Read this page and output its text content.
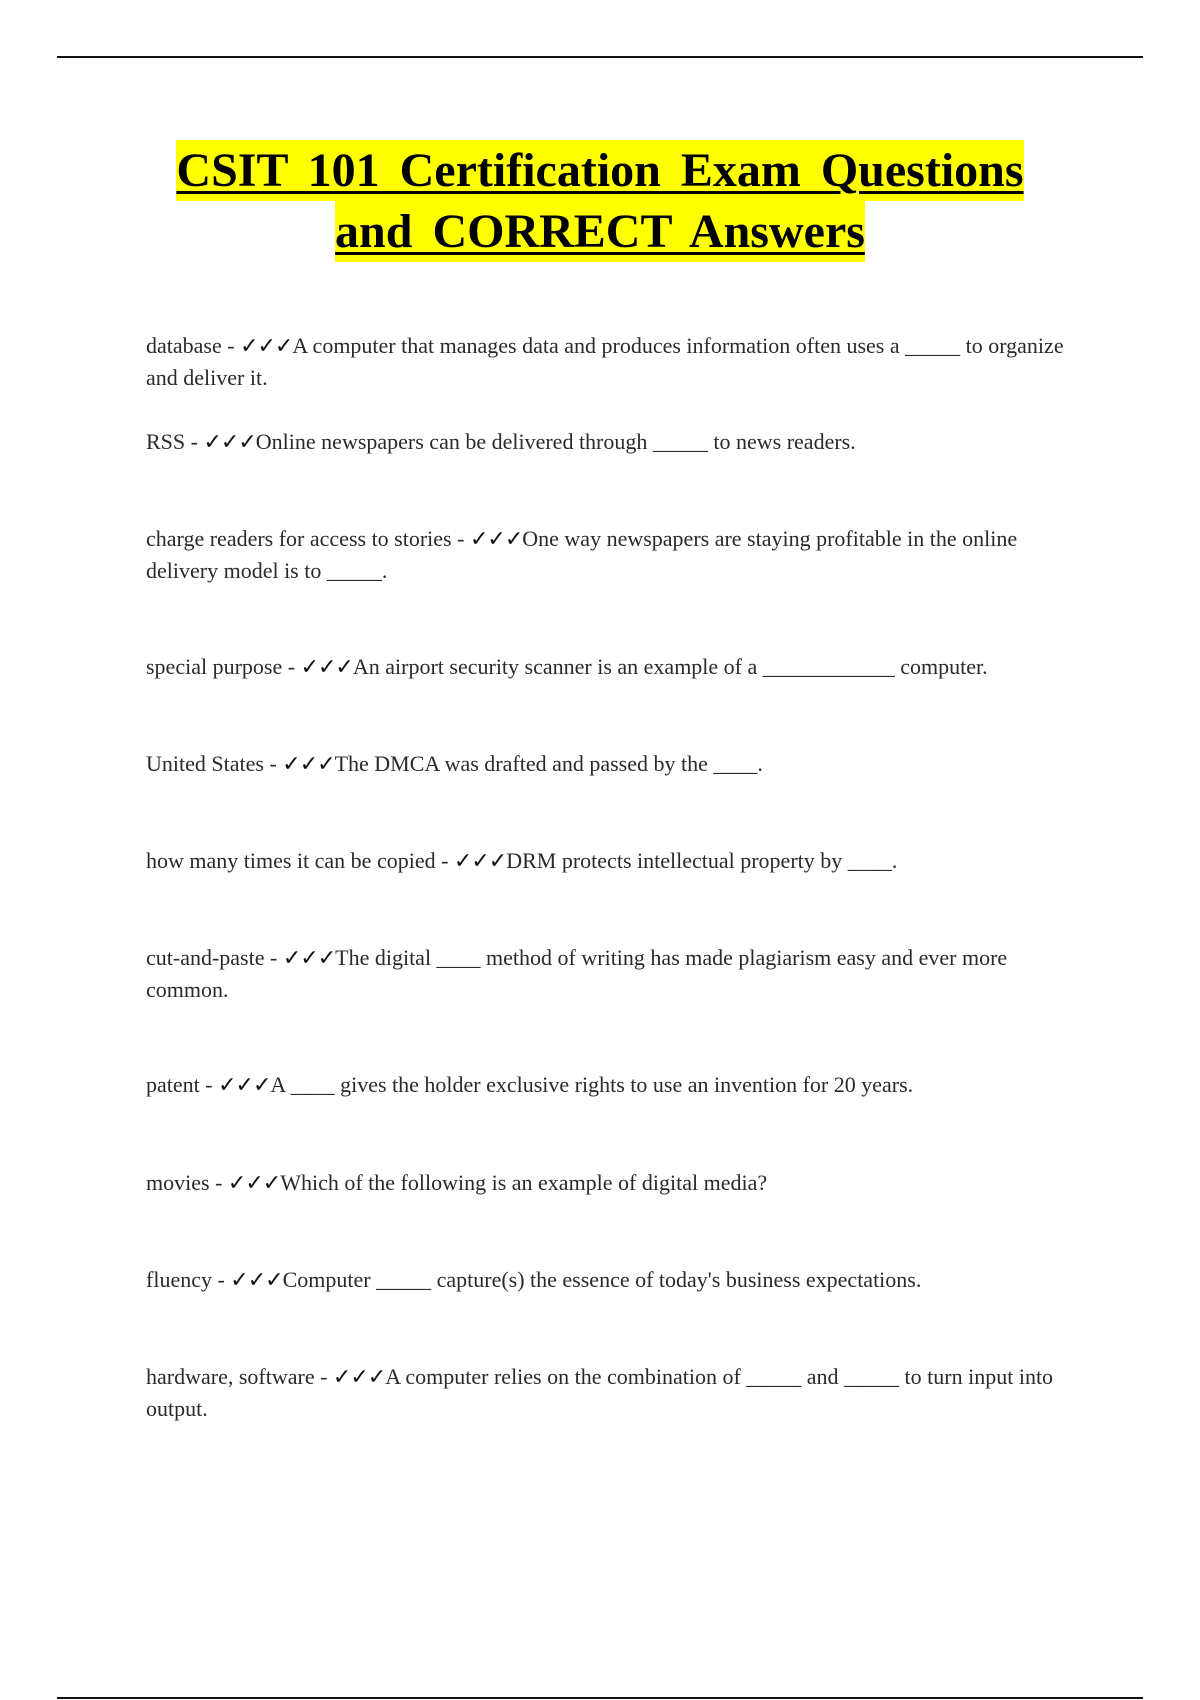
CSIT 101 Certification Exam Questions
and CORRECT Answers
database - ✓✓✓A computer that manages data and produces information often uses a _____ to organize and deliver it.
RSS - ✓✓✓Online newspapers can be delivered through _____ to news readers.
charge readers for access to stories - ✓✓✓One way newspapers are staying profitable in the online delivery model is to _____.
special purpose - ✓✓✓An airport security scanner is an example of a ____________ computer.
United States - ✓✓✓The DMCA was drafted and passed by the ____.
how many times it can be copied - ✓✓✓DRM protects intellectual property by ____.
cut-and-paste - ✓✓✓The digital ____ method of writing has made plagiarism easy and ever more common.
patent - ✓✓✓A ____ gives the holder exclusive rights to use an invention for 20 years.
movies - ✓✓✓Which of the following is an example of digital media?
fluency - ✓✓✓Computer _____ capture(s) the essence of today's business expectations.
hardware, software - ✓✓✓A computer relies on the combination of _____ and _____ to turn input into output.
